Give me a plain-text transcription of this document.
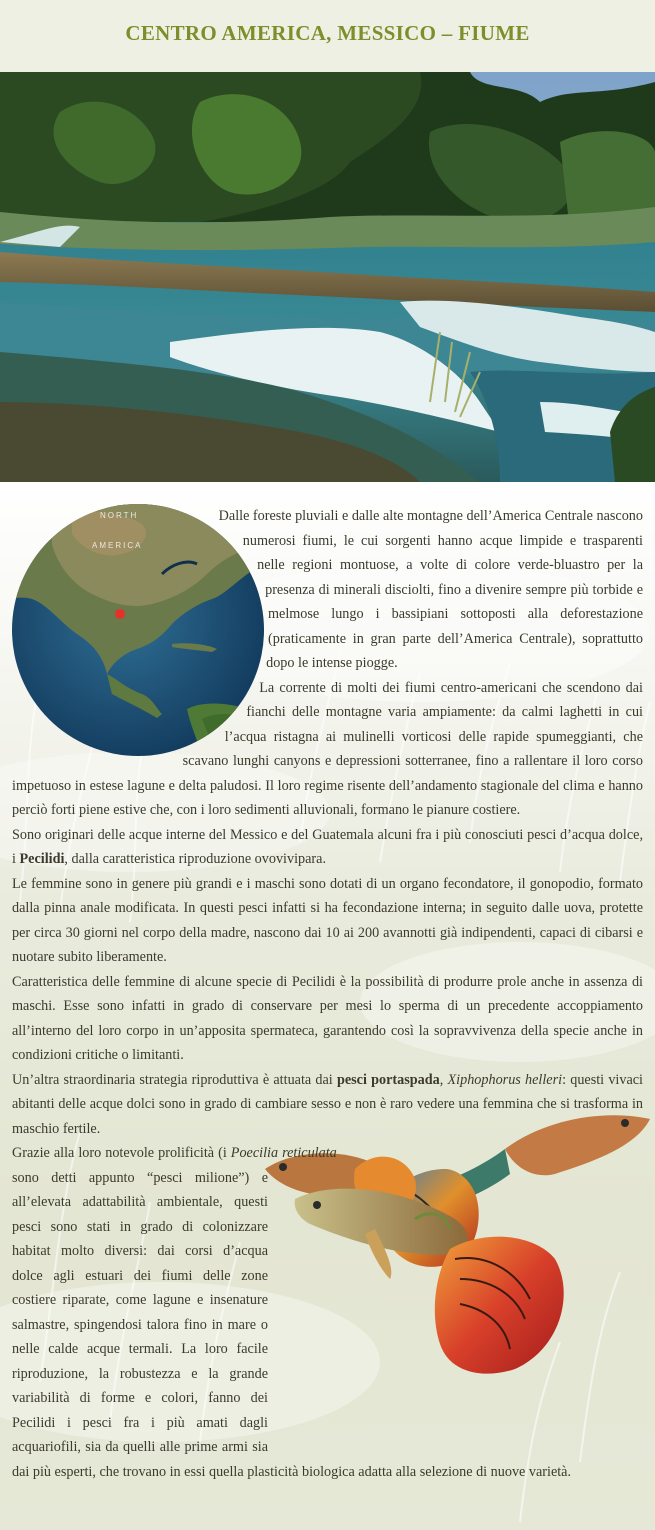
CENTRO AMERICA, MESSICO – FIUME
NORTH
AMERICA

Dalle foreste pluviali e dalle alte montagne dell’America Centrale nascono numerosi fiumi, le cui sorgenti hanno acque limpide e trasparenti nelle regioni montuose, a volte di colore verde-bluastro per la presenza di minerali disciolti, fino a divenire sempre più torbide e melmose lungo i bassipiani sottoposti alla deforestazione (praticamente in gran parte dell’America Centrale), soprattutto dopo le intense piogge.

La corrente di molti dei fiumi centro-americani che scendono dai fianchi delle montagne varia ampiamente: da calmi laghetti in cui l’acqua ristagna ai mulinelli vorticosi delle rapide spumeggianti, che scavano lunghi canyons e depressioni sotterranee, fino a rallentare il loro corso impetuoso in estese lagune e delta paludosi. Il loro regime risente dell’andamento stagionale del clima e hanno perciò forti piene estive che, con i loro sedimenti alluvionali, formano le pianure costiere.

Sono originari delle acque interne del Messico e del Guatemala alcuni fra i più conosciuti pesci d’acqua dolce, i Pecilidi, dalla caratteristica riproduzione ovovivipara.

Le femmine sono in genere più grandi e i maschi sono dotati di un organo fecondatore, il gonopodio, formato dalla pinna anale modificata. In questi pesci infatti si ha fecondazione interna; in seguito dalle uova, protette per circa 30 giorni nel corpo della madre, nascono dai 10 ai 200 avannotti già indipendenti, capaci di cibarsi e nuotare subito liberamente.

Caratteristica delle femmine di alcune specie di Pecilidi è la possibilità di produrre prole anche in assenza di maschi. Esse sono infatti in grado di conservare per mesi lo sperma di un precedente accoppiamento all’interno del loro corpo in un’apposita spermateca, garantendo così la sopravvivenza della specie anche in condizioni critiche o limitanti.

Un’altra straordinaria strategia riproduttiva è attuata dai pesci portaspada, Xiphophorus helleri: questi vivaci abitanti delle acque dolci sono in grado di cambiare sesso e non è raro vedere una femmina che si trasforma in maschio fertile.

Grazie alla loro notevole prolificità (i Poecilia reticulata sono detti appunto “pesci milione”) e all’elevata adattabilità ambientale, questi pesci sono stati in grado di colonizzare habitat molto diversi: dai corsi d’acqua dolce agli estuari dei fiumi delle zone costiere riparate, come lagune e insenature salmastre, spingendosi talora fino in mare o nelle calde acque termali. La loro facile riproduzione, la robustezza e la grande variabilità di forme e colori, fanno dei Pecilidi i pesci fra i più amati dagli acquariofili, sia da quelli alle prime armi sia dai più esperti, che trovano in essi quella plasticità biologica adatta alla selezione di nuove varietà.
